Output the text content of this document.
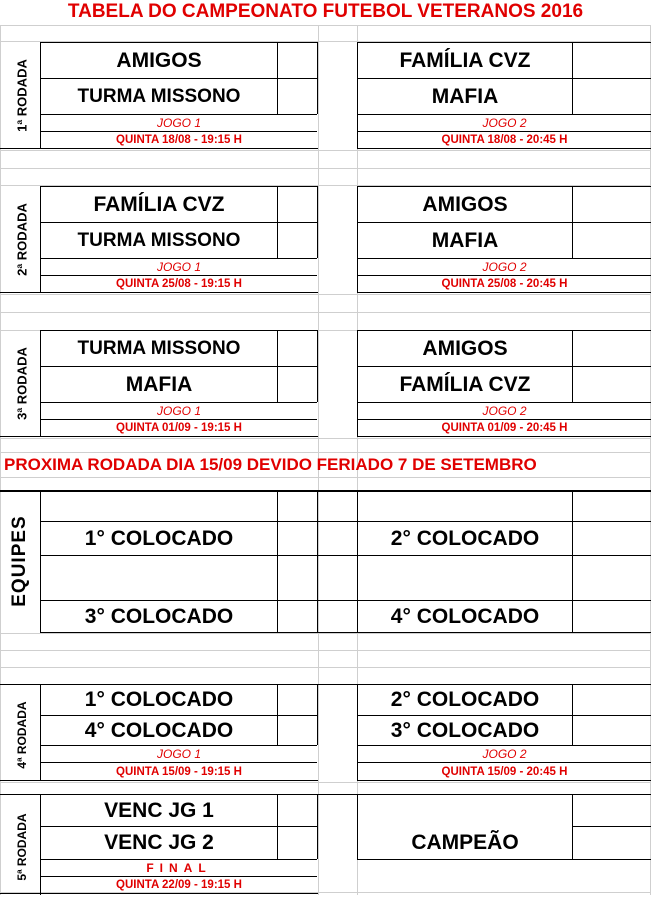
TABELA DO CAMPEONATO FUTEBOL VETERANOS 2016
1ª RODADA	AMIGOS
TURMA MISSONO
JOGO 1
QUINTA 18/08 - 19:15 H
FAMÍLIA CVZ
MAFIA
JOGO 2
QUINTA 18/08 - 20:45 H
2ª RODADA	FAMÍLIA CVZ
TURMA MISSONO
JOGO 1
QUINTA 25/08 - 19:15 H
AMIGOS
MAFIA
JOGO 2
QUINTA 25/08 - 20:45 H
3ª RODADA	TURMA MISSONO
MAFIA
JOGO 1
QUINTA 01/09 - 19:15 H
AMIGOS
FAMÍLIA CVZ
JOGO 2
QUINTA 01/09 - 20:45 H
PROXIMA RODADA DIA 15/09 DEVIDO FERIADO 7 DE SETEMBRO
EQUIPES	1° COLOCADO	2° COLOCADO
3° COLOCADO	4° COLOCADO
4ª RODADA
1° COLOCADO
4° COLOCADO
JOGO 1
QUINTA 15/09 - 19:15 H
2° COLOCADO
3° COLOCADO
JOGO 2
QUINTA 15/09 - 20:45 H
5ª RODADA
VENC JG 1
VENC JG 2
FINAL
QUINTA 22/09 - 19:15 H
CAMPEÃO
